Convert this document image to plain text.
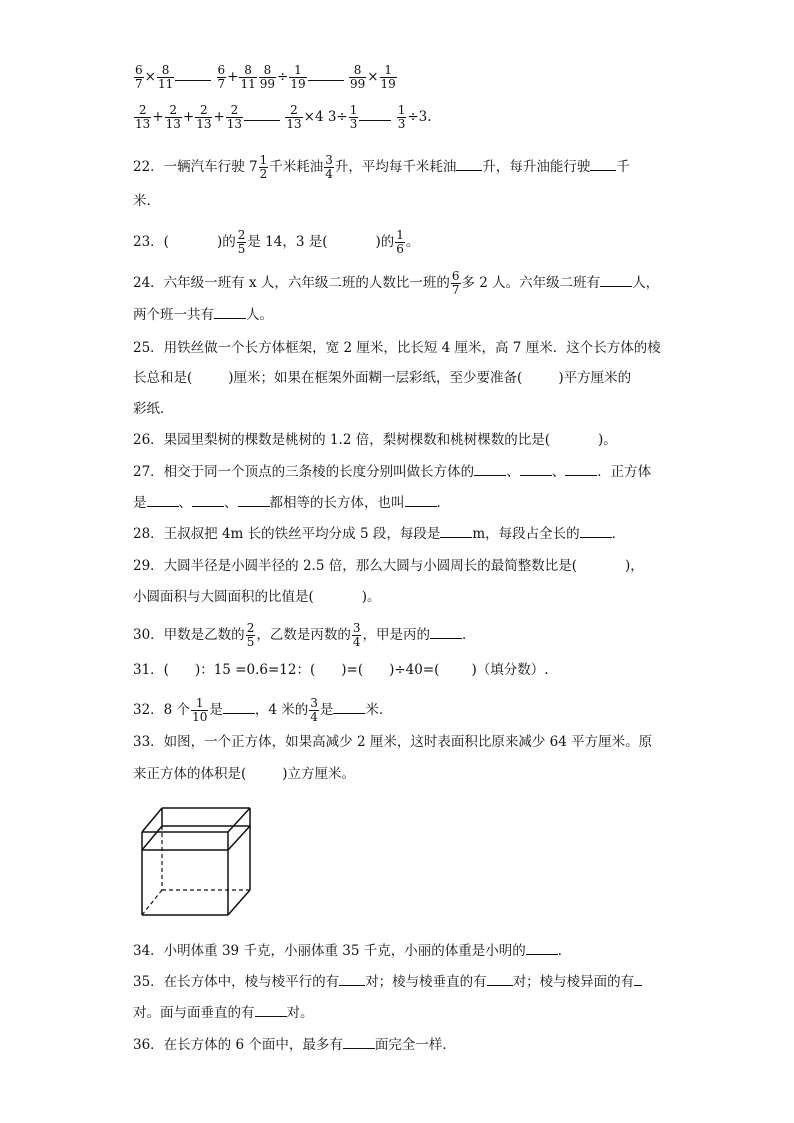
$\frac{6}{7} \times \frac{8}{11}$
	$\frac{6}{7} + \frac{8}{11} \frac{8}{99} \div \frac{1}{19}$
	$\frac{8}{99} \times \frac{1}{19}$
$\frac{2}{13} + \frac{2}{13} + \frac{2}{13} + \frac{2}{13}$
	$\frac{2}{13} \times 4$ $3\div \frac{1}{3}$
	$\frac{1}{3} \div 3$.
22．一辆汽车行驶 $7 \frac{1}{2}$ 千米耗油 $\frac{3}{4}$ 升，平均每千米耗油 升，每升油能行驶 千
米．
23．(	)的 $\frac{2}{5}$ 是 14，3 是(	)的 $\frac{1}{6}$ 。
24．六年级一班有 x 人，六年级二班的人数比一班的 $\frac{6}{7}$ 多 2 人。六年级二班有 人，
两个班一共有 人。
25．用铁丝做一个长方体框架，宽 2 厘米，比长短 4 厘米，高 7 厘米．这个长方体的棱
长总和是(	)厘米；如果在框架外面糊一层彩纸，至少要准备(	)平方厘米的
彩纸．
26．果园里梨树的棵数是桃树的 1.2 倍，梨树棵数和桃树棵数的比是(	)。
27．相交于同一个顶点的三条棱的长度分别叫做长方体的 、 、 ．正方体
是 、 、 都相等的长方体，也叫 ．
28．王叔叔把 4m 长的铁丝平均分成 5 段，每段是 m，每段占全长的 ．
29．大圆半径是小圆半径的 2.5 倍，那么大圆与小圆周长的最简整数比是(	)，
小圆面积与大圆面积的比值是(	)。
30．甲数是乙数的 $\frac{2}{5}$ ，乙数是丙数的 $\frac{3}{4}$ ，甲是丙的 ．
31．( )：15 =0.6=12：( )=( )÷40=( )（填分数）.
32．8 个 $\frac{1}{10}$ 是 ，4 米的 $\frac{3}{4}$ 是 米．
33．如图，一个正方体，如果高减少 2 厘米，这时表面积比原来减少 64 平方厘米。原
来正方体的体积是(	)立方厘米。
34．小明体重 39 千克，小丽体重 35 千克，小丽的体重是小明的 ．
35．在长方体中，棱与棱平行的有 对；棱与棱垂直的有 对；棱与棱异面的有
对。面与面垂直的有 对。
36．在长方体的 6 个面中，最多有 面完全一样．
